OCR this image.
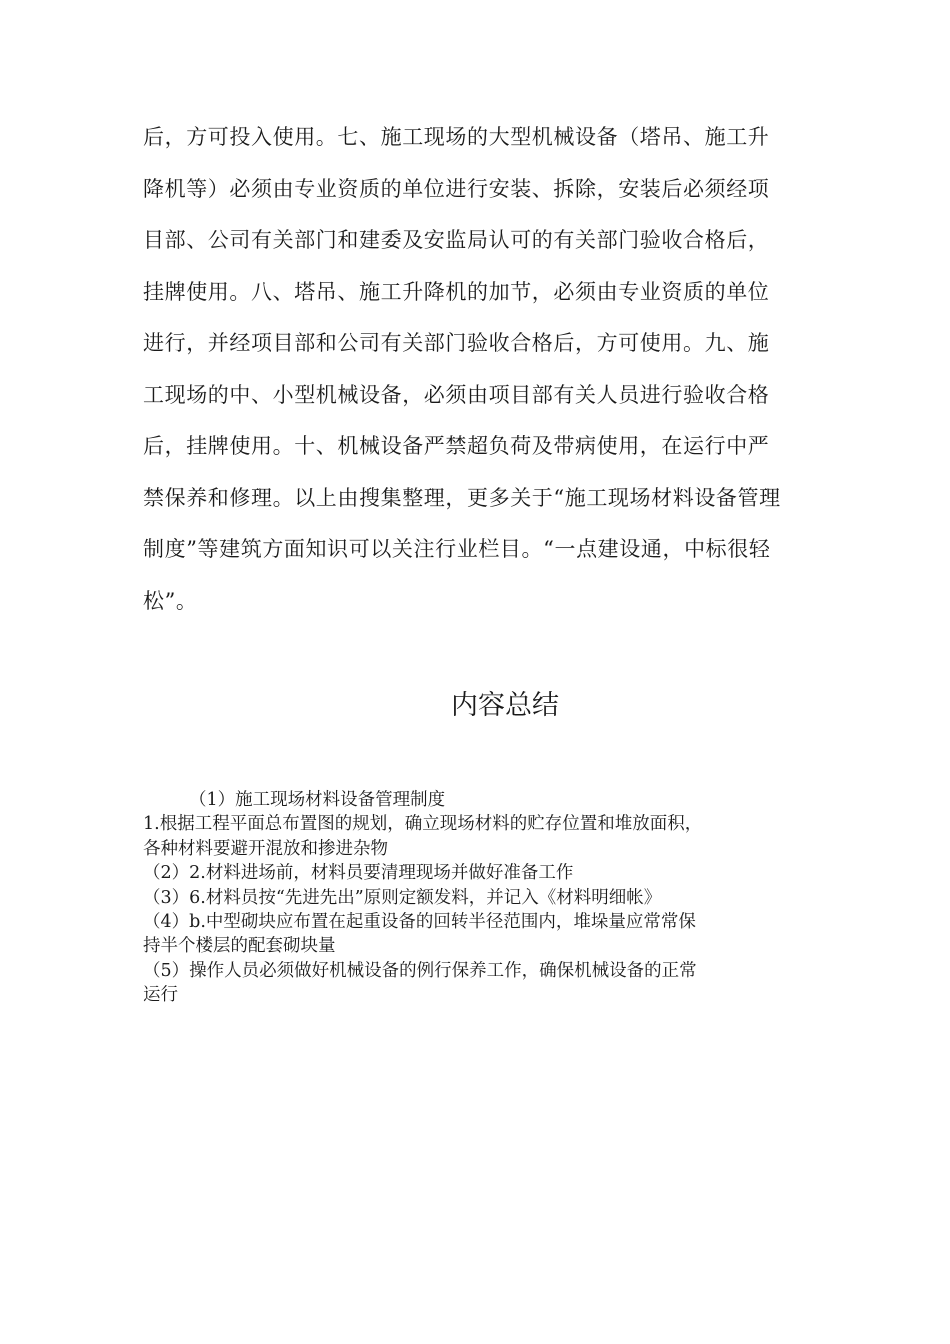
后，方可投入使用。七、施工现场的大型机械设备（塔吊、施工升
降机等）必须由专业资质的单位进行安装、拆除，安装后必须经项
目部、公司有关部门和建委及安监局认可的有关部门验收合格后，
挂牌使用。八、塔吊、施工升降机的加节，必须由专业资质的单位
进行，并经项目部和公司有关部门验收合格后，方可使用。九、施
工现场的中、小型机械设备，必须由项目部有关人员进行验收合格
后，挂牌使用。十、机械设备严禁超负荷及带病使用，在运行中严
禁保养和修理。以上由搜集整理，更多关于“施工现场材料设备管理
制度”等建筑方面知识可以关注行业栏目。“一点建设通，中标很轻
松”。
内容总结
（1）施工现场材料设备管理制度
1.根据工程平面总布置图的规划，确立现场材料的贮存位置和堆放面积，
各种材料要避开混放和掺进杂物
（2）2.材料进场前，材料员要清理现场并做好准备工作
（3）6.材料员按“先进先出”原则定额发料，并记入《材料明细帐》
（4）b.中型砌块应布置在起重设备的回转半径范围内，堆垛量应常常保
持半个楼层的配套砌块量
（5）操作人员必须做好机械设备的例行保养工作，确保机械设备的正常
运行
